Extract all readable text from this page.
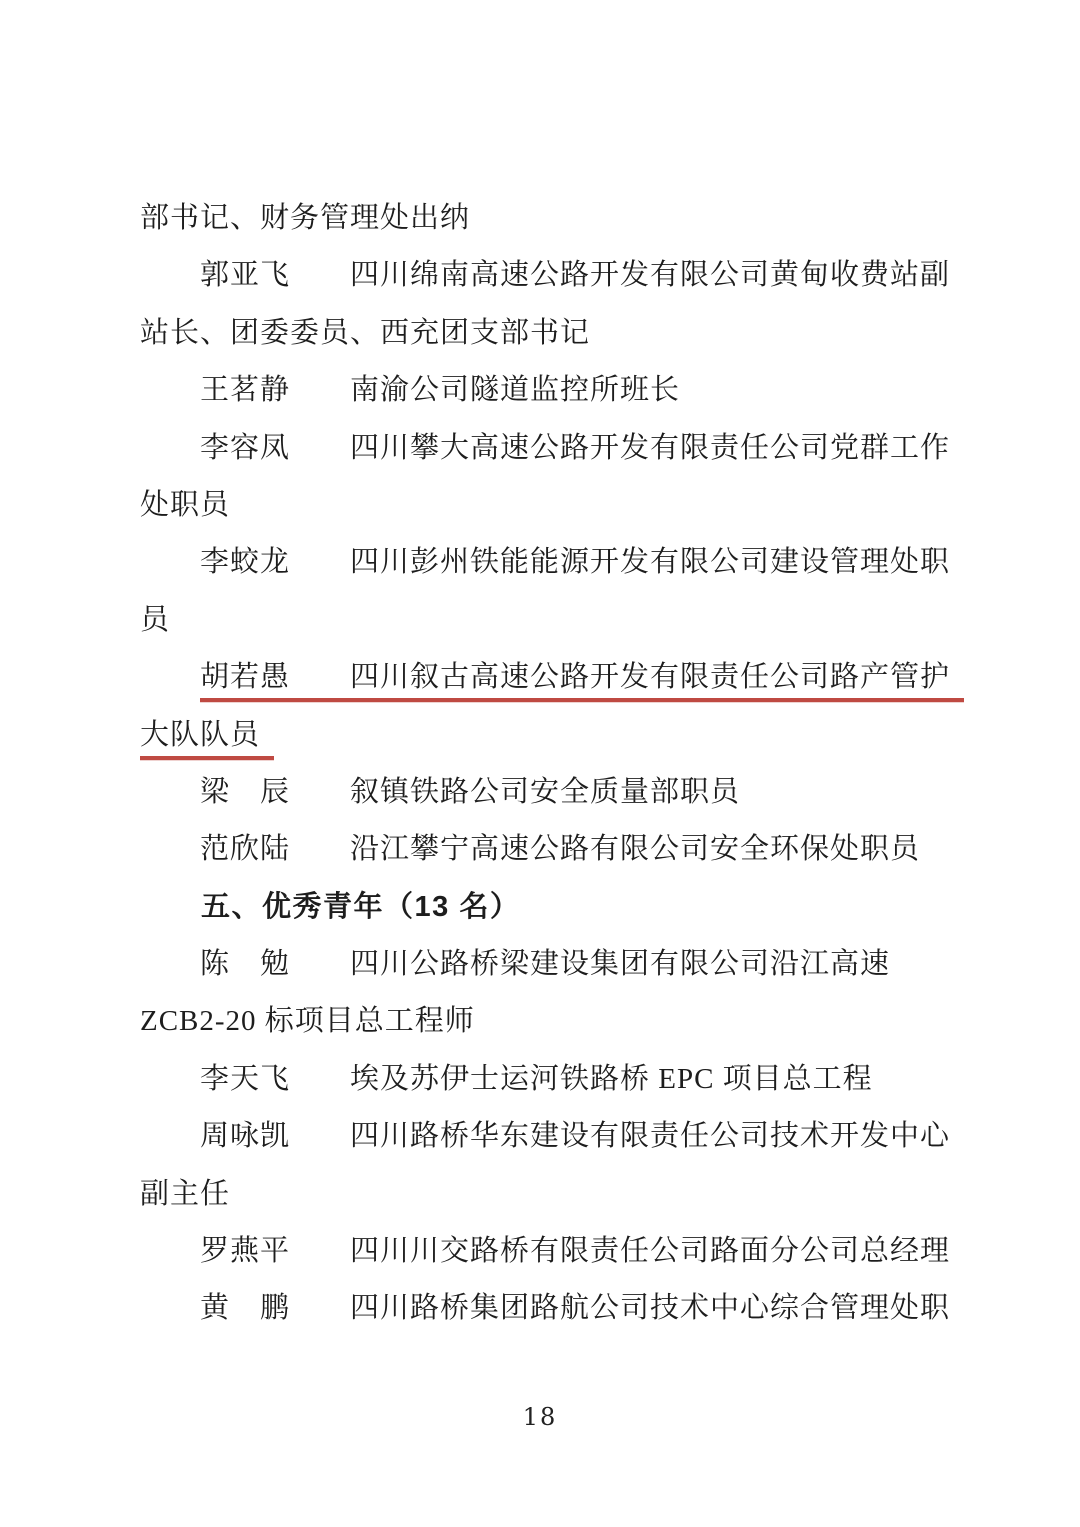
部书记、财务管理处出纳
　　郭亚飞　　四川绵南高速公路开发有限公司黄甸收费站副
站长、团委委员、西充团支部书记
　　王茗静　　南渝公司隧道监控所班长
　　李容凤　　四川攀大高速公路开发有限责任公司党群工作
处职员
　　李蛟龙　　四川彭州铁能能源开发有限公司建设管理处职
员
　　胡若愚　　四川叙古高速公路开发有限责任公司路产管护
大队队员
　　梁　辰　　叙镇铁路公司安全质量部职员
　　范欣陆　　沿江攀宁高速公路有限公司安全环保处职员
　　五、优秀青年（13 名）
　　陈　勉　　四川公路桥梁建设集团有限公司沿江高速
ZCB2-20 标项目总工程师
　　李天飞　　埃及苏伊士运河铁路桥 EPC 项目总工程
　　周咏凯　　四川路桥华东建设有限责任公司技术开发中心
副主任
　　罗燕平　　四川川交路桥有限责任公司路面分公司总经理
　　黄　鹏　　四川路桥集团路航公司技术中心综合管理处职
18
